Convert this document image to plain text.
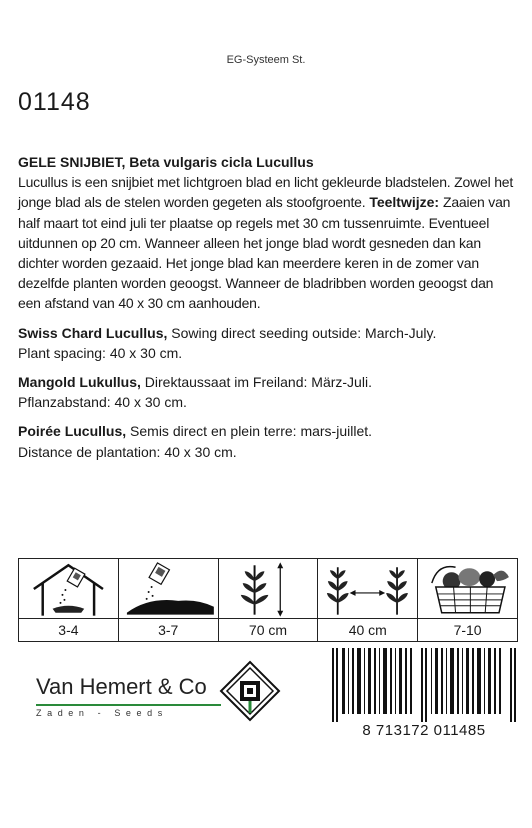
EG-Systeem St.
01148

GELE SNIJBIET, Beta vulgaris cicla Lucullus
Lucullus is een snijbiet met lichtgroen blad en licht gekleurde bladstelen. Zowel het jonge blad als de stelen worden gegeten als stoofgroente. Teeltwijze: Zaaien van half maart tot eind juli ter plaatse op regels met 30 cm tussenruimte. Eventueel uitdunnen op 20 cm. Wanneer alleen het jonge blad wordt gesneden dan kan dichter worden gezaaid. Het jonge blad kan meerdere keren in de zomer van dezelfde planten worden geoogst. Wanneer de bladribben worden geoogst dan een afstand van 40 x 30 cm aanhouden.

Swiss Chard Lucullus, Sowing direct seeding outside: March-July.
Plant spacing: 40 x 30 cm.

Mangold Lukullus, Direktaussaat im Freiland: März-Juli.
Pflanzabstand: 40 x 30 cm.

Poirée Lucullus, Semis direct en plein terre: mars-juillet.
Distance de plantation: 40 x 30 cm.

3-4	3-7	70 cm	40 cm	7-10
Van Hemert & Co
Zaden - Seeds
8 713172 011485
